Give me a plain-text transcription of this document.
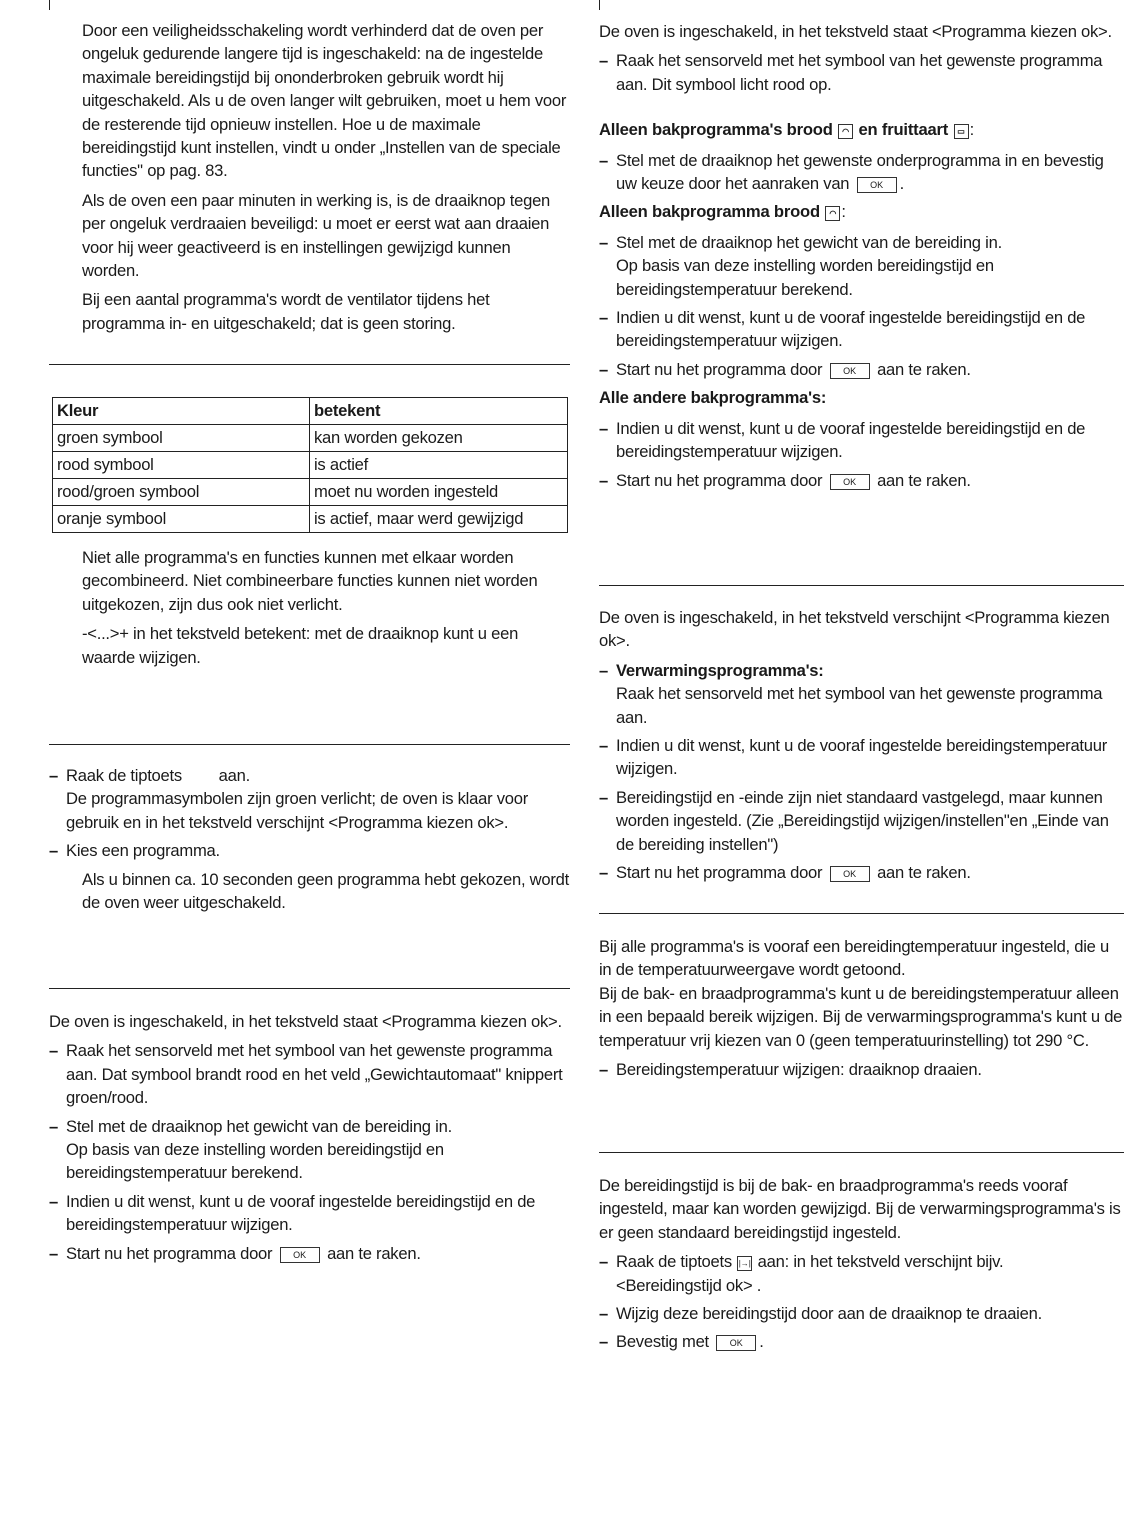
Door een veiligheidsschakeling wordt verhinderd dat de oven per ongeluk gedurende langere tijd is ingeschakeld: na de ingestelde maximale bereidingstijd bij ononderbroken gebruik wordt hij uitgeschakeld. Als u de oven langer wilt gebruiken, moet u hem voor de resterende tijd opnieuw instellen. Hoe u de maximale bereidingstijd kunt instellen, vindt u onder „Instellen van de speciale functies" op pag. 83.

Als de oven een paar minuten in werking is, is de draaiknop tegen per ongeluk verdraaien beveiligd: u moet er eerst wat aan draaien voor hij weer geactiveerd is en instellingen gewijzigd kunnen worden.

Bij een aantal programma's wordt de ventilator tijdens het programma in- en uitgeschakeld; dat is geen storing.

Kleur	betekent
groen symbool	kan worden gekozen
rood symbool	is actief
rood/groen symbool	moet nu worden ingesteld
oranje symbool	is actief, maar werd gewijzigd

Niet alle programma's en functies kunnen met elkaar worden gecombineerd. Niet combineerbare functies kunnen niet worden uitgekozen, zijn dus ook niet verlicht.

-<...>+ in het tekstveld betekent: met de draaiknop kunt u een waarde wijzigen.

– Raak de tiptoets aan.
De programmasymbolen zijn groen verlicht; de oven is klaar voor gebruik en in het tekstveld verschijnt <Programma kiezen ok>.
– Kies een programma.
Als u binnen ca. 10 seconden geen programma hebt gekozen, wordt de oven weer uitgeschakeld.

De oven is ingeschakeld, in het tekstveld staat <Programma kiezen ok>.

– Raak het sensorveld met het symbool van het gewenste programma aan. Dat symbool brandt rood en het veld „Gewichtautomaat" knippert groen/rood.
– Stel met de draaiknop het gewicht van de bereiding in.
Op basis van deze instelling worden bereidingstijd en bereidingstemperatuur berekend.
– Indien u dit wenst, kunt u de vooraf ingestelde bereidingstijd en de bereidingstemperatuur wijzigen.
– Start nu het programma door OK aan te raken.

De oven is ingeschakeld, in het tekstveld staat <Programma kiezen ok>.

– Raak het sensorveld met het symbool van het gewenste programma aan. Dit symbool licht rood op.

Alleen bakprogramma's brood ◠ en fruittaart ▭ :

– Stel met de draaiknop het gewenste onderprogramma in en bevestig uw keuze door het aanraken van OK .

Alleen bakprogramma brood ◠ :

– Stel met de draaiknop het gewicht van de bereiding in.
Op basis van deze instelling worden bereidingstijd en bereidingstemperatuur berekend.
– Indien u dit wenst, kunt u de vooraf ingestelde bereidingstijd en de bereidingstemperatuur wijzigen.
– Start nu het programma door OK aan te raken.

Alle andere bakprogramma's:

– Indien u dit wenst, kunt u de vooraf ingestelde bereidingstijd en de bereidingstemperatuur wijzigen.
– Start nu het programma door OK aan te raken.

De oven is ingeschakeld, in het tekstveld verschijnt <Programma kiezen ok>.

– Verwarmingsprogramma's:
Raak het sensorveld met het symbool van het gewenste programma aan.
– Indien u dit wenst, kunt u de vooraf ingestelde bereidingstemperatuur wijzigen.
– Bereidingstijd en -einde zijn niet standaard vastgelegd, maar kunnen worden ingesteld. (Zie „Bereidingstijd wijzigen/instellen"en „Einde van de bereiding instellen")
– Start nu het programma door OK aan te raken.

Bij alle programma's is vooraf een bereidingtemperatuur ingesteld, die u in de temperatuurweergave wordt getoond.

Bij de bak- en braadprogramma's kunt u de bereidingstemperatuur alleen in een bepaald bereik wijzigen. Bij de verwarmingsprogramma's kunt u de temperatuur vrij kiezen van 0 (geen temperatuurinstelling) tot 290 °C.

– Bereidingstemperatuur wijzigen: draaiknop draaien.

De bereidingstijd is bij de bak- en braadprogramma's reeds vooraf ingesteld, maar kan worden gewijzigd. Bij de verwarmingsprogramma's is er geen standaard bereidingstijd ingesteld.

– Raak de tiptoets |→| aan: in het tekstveld verschijnt bijv.
<Bereidingstijd ok> .
– Wijzig deze bereidingstijd door aan de draaiknop te draaien.
– Bevestig met OK .
